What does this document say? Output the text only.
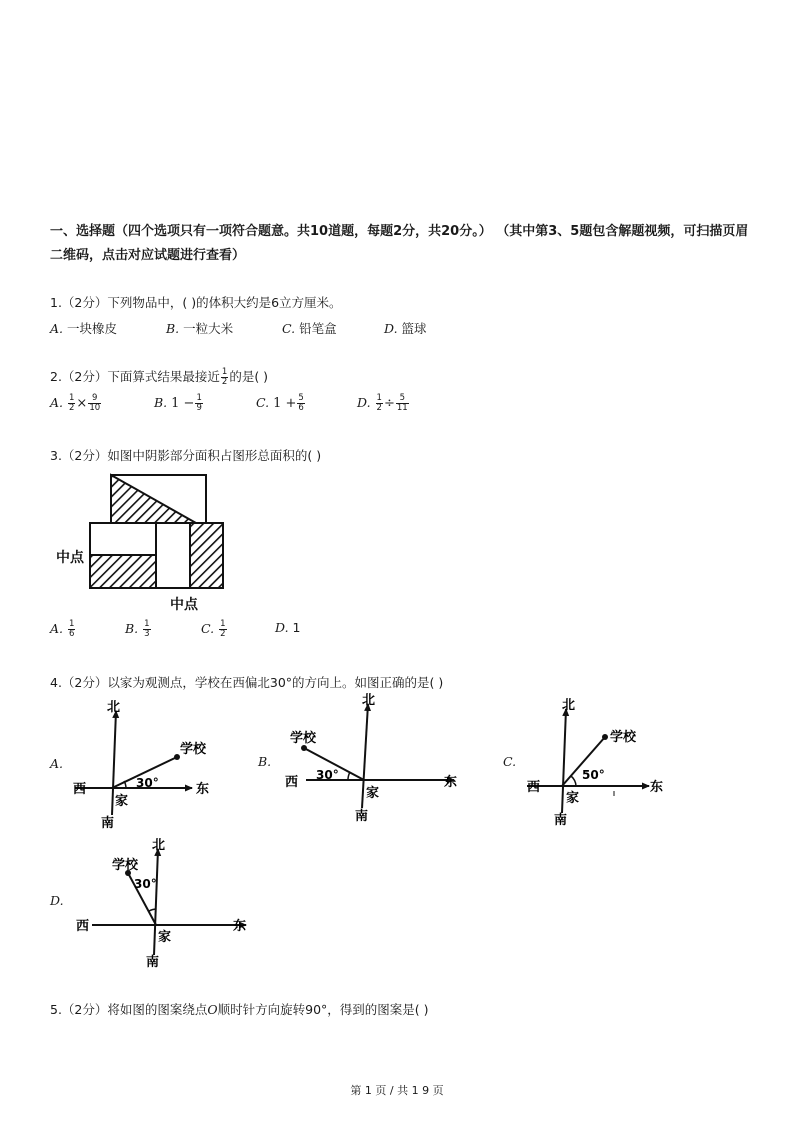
一、选择题（四个选项只有一项符合题意。共10道题，每题2分，共20分。） （其中第3、5题包含解题视频，可扫描页眉二维码，点击对应试题进行查看）
1.（2分）下列物品中，( )的体积大约是6立方厘米。
A. 一块橡皮	B. 一粒大米	C. 铅笔盒	D. 篮球
2.（2分）下面算式结果最接近 $\frac{1}{2}$ 的是( )
A. $\frac{1}{2} \times \frac{9}{10}$	B. $1 - \frac{1}{9}$	C. $1 + \frac{5}{6}$	D. $\frac{1}{2} \div \frac{5}{11}$
3.（2分）如图中阴影部分面积占图形总面积的( )
中点
中点
A. $\frac{1}{6}$	B. $\frac{1}{3}$	C. $\frac{1}{2}$	D. 1
4.（2分）以家为观测点，学校在西偏北30°的方向上。如图正确的是( )
A.
北
南
东
西
家
学校
30°
B.
北
南
东
西
家
学校
30°
C.
北
南
东
西
家
学校
50°
D.
北
南
东
西
家
学校
30°
5.（2分）将如图的图案绕点O顺时针方向旋转90°，得到的图案是( )
第 1 页 / 共 1 9 页
